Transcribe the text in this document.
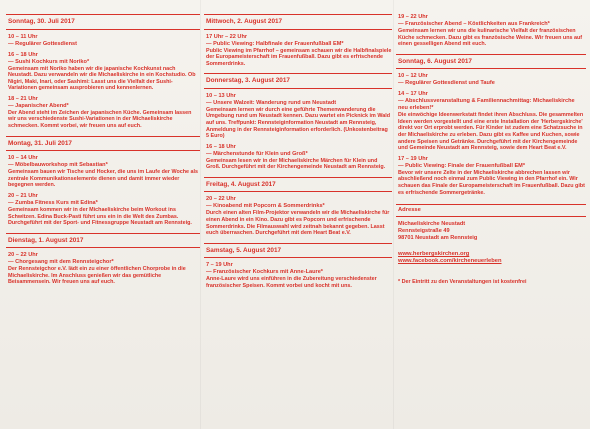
Sonntag, 30. Juli 2017
10 – 11 Uhr
— Regulärer Gottesdienst
16 – 18 Uhr
— Sushi Kochkurs mit Noriko*
Gemeinsam mit Noriko haben wir die japanische Kochkunst nach Neustadt. Dazu verwandeln wir die Michaeliskirche in ein Kochstudio. Ob Nigiri, Maki, Inari, oder Sashimi: Lasst uns die Vielfalt der Sushi-Variationen gemeinsam ausprobieren und kennenlernen.
18 – 21 Uhr
— Japanischer Abend*
Der Abend steht im Zeichen der japanischen Küche. Gemeinsam lassen wir uns verschiedenste Sushi-Variationen in der Michaeliskirche schmecken. Kommt vorbei, wir freuen uns auf euch.
Montag, 31. Juli 2017
10 – 14 Uhr
— Möbelbauworkshop mit Sebastian*
Gemeinsam bauen wir Tische und Hocker, die uns im Laufe der Woche als zentrale Kommunikationselemente dienen und damit immer wieder begegnen werden.
20 – 21 Uhr
— Zumba Fitness Kurs mit Edina*
Gemeinsam kommen wir in der Michaeliskirche beim Workout ins Schwitzen. Edina Buck-Pasti führt uns ein in die Welt des Zumbas. Durchgeführt mit der Sport- und Fitnessgruppe Neustadt am Rennsteig.
Dienstag, 1. August 2017
20 – 22 Uhr
— Chorgesang mit dem Rennsteigchor*
Der Rennsteigchor e.V. lädt ein zu einer öffentlichen Chorprobe in die Michaeliskirche. Im Anschluss genießen wir das gemütliche Beisammensein. Wir freuen uns auf euch.
Mittwoch, 2. August 2017
17 Uhr – 22 Uhr
— Public Viewing: Halbfinale der Frauenfußball EM*
Public Viewing im Pfarrhof – gemeinsam schauen wir die Halbfinalspiele der Europameisterschaft im Frauenfußball. Dazu gibt es erfrischende Sommerdrinks.
Donnerstag, 3. August 2017
10 – 13 Uhr
— Unsere Walzeit: Wanderung rund um Neustadt
Gemeinsam lernen wir durch eine geführte Themenwanderung die Umgebung rund um Neustadt kennen. Dazu wartet ein Picknick im Wald auf uns. Treffpunkt: Rennsteiginformation Neustadt am Rennsteig, Anmeldung in der Rennsteiginformation erforderlich. (Unkostenbeitrag 5 Euro)
16 – 18 Uhr
— Märchenstunde für Klein und Groß*
Gemeinsam lesen wir in der Michaeliskirche Märchen für Klein und Groß. Durchgeführt mit der Kirchengemeinde Neustadt am Rennsteig.
Freitag, 4. August 2017
20 – 22 Uhr
— Kinoabend mit Popcorn & Sommerdrinks*
Durch einen alten Film-Projektor verwandeln wir die Michaeliskirche für einen Abend in ein Kino. Dazu gibt es Popcorn und erfrischende Sommerdrinks. Die Filmauswahl wird zeitnah bekannt gegeben. Lasst euch überraschen. Durchgeführt mit dem Heart Beat e.V.
Samstag, 5. August 2017
7 – 19 Uhr
— Französischer Kochkurs mit Anne-Laure*
Anne-Laure wird uns einführen in die Zubereitung verschiedenster französischer Speisen. Kommt vorbei und kocht mit uns.
19 – 22 Uhr
— Französischer Abend – Köstlichkeiten aus Frankreich*
Gemeinsam lernen wir uns die kulinarische Vielfalt der französischen Küche schmecken. Dazu gibt es französische Weine. Wir freuen uns auf einen gesselligen Abend mit euch.
Sonntag, 6. August 2017
10 – 12 Uhr
— Regulärer Gottesdienst und Taufe
14 – 17 Uhr
— Abschlussveranstaltung & Familiennachmittag: Michaeliskirche neu erleben!*
Die einwöchige Ideenwerkstatt findet ihren Abschluss. Die gesammelten Ideen werden vorgestellt und eine erste Installation der 'Herbergskirche' direkt vor Ort erprobt werden. Für Kinder ist zudem eine Schatzsuche in der Michaeliskirche zu erleben. Dazu gibt es Kaffee und Kuchen, sowie andere Speisen und Getränke. Durchgeführt mit der Kirchengemeinde und Gemeinde Neustadt am Rennsteig, sowie dem Heart Beat e.V.
17 – 19 Uhr
— Public Viewing: Finale der Frauenfußball EM*
Bevor wir unsere Zelte in der Michaeliskirche abbrechen lassen wir abschließend noch einmal zum Public Viewing in den Pfarrhof ein. Wir schauen das Finale der Europameisterschaft im Frauenfußball. Dazu gibt es erfrischende Sommergetränke.
Adresse
Michaeliskirche Neustadt
Rennsteigstraße 49
98701 Neustadt am Rennsteig
www.herbergskirchen.org
www.facebook.com/kircheneuerleben
* Der Eintritt zu den Veranstaltungen ist kostenfrei
